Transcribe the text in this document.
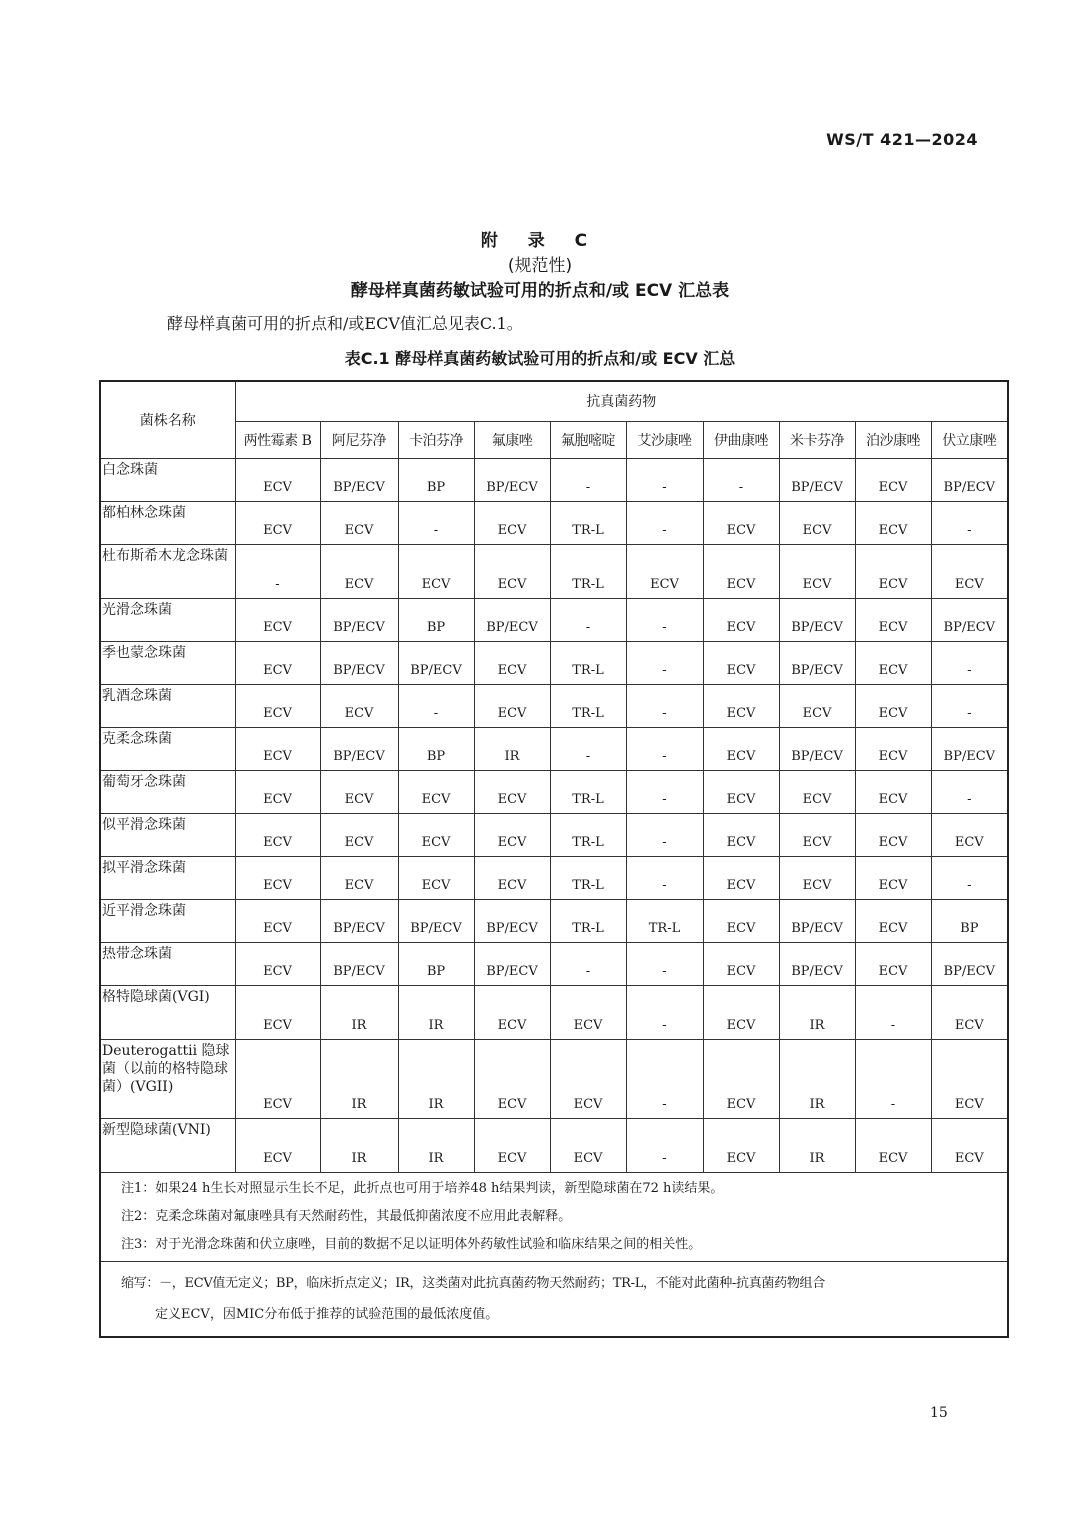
WS/T 421—2024
附 录 C
(规范性)
酵母样真菌药敏试验可用的折点和/或 ECV 汇总表
酵母样真菌可用的折点和/或ECV值汇总见表C.1。
表C.1 酵母样真菌药敏试验可用的折点和/或 ECV 汇总
菌株名称	抗真菌药物									
	两性霉素 B	阿尼芬净	卡泊芬净	氟康唑	氟胞嘧啶	艾沙康唑	伊曲康唑	米卡芬净	泊沙康唑	伏立康唑
白念珠菌	ECV	BP/ECV	BP	BP/ECV	-	-	-	BP/ECV	ECV	BP/ECV
都柏林念珠菌	ECV	ECV	-	ECV	TR-L	-	ECV	ECV	ECV	-
杜布斯希木龙念珠菌	-	ECV	ECV	ECV	TR-L	ECV	ECV	ECV	ECV	ECV
光滑念珠菌	ECV	BP/ECV	BP	BP/ECV	-	-	ECV	BP/ECV	ECV	BP/ECV
季也蒙念珠菌	ECV	BP/ECV	BP/ECV	ECV	TR-L	-	ECV	BP/ECV	ECV	-
乳酒念珠菌	ECV	ECV	-	ECV	TR-L	-	ECV	ECV	ECV	-
克柔念珠菌	ECV	BP/ECV	BP	IR	-	-	ECV	BP/ECV	ECV	BP/ECV
葡萄牙念珠菌	ECV	ECV	ECV	ECV	TR-L	-	ECV	ECV	ECV	-
似平滑念珠菌	ECV	ECV	ECV	ECV	TR-L	-	ECV	ECV	ECV	ECV
拟平滑念珠菌	ECV	ECV	ECV	ECV	TR-L	-	ECV	ECV	ECV	-
近平滑念珠菌	ECV	BP/ECV	BP/ECV	BP/ECV	TR-L	TR-L	ECV	BP/ECV	ECV	BP
热带念珠菌	ECV	BP/ECV	BP	BP/ECV	-	-	ECV	BP/ECV	ECV	BP/ECV
格特隐球菌(VGI)	ECV	IR	IR	ECV	ECV	-	ECV	IR	-	ECV
Deuterogattii 隐球菌（以前的格特隐球菌）(VGII)	ECV	IR	IR	ECV	ECV	-	ECV	IR	-	ECV
新型隐球菌(VNI)	ECV	IR	IR	ECV	ECV	-	ECV	IR	ECV	ECV

注1：如果24 h生长对照显示生长不足，此折点也可用于培养48 h结果判读，新型隐球菌在72 h读结果。
注2：克柔念珠菌对氟康唑具有天然耐药性，其最低抑菌浓度不应用此表解释。
注3：对于光滑念珠菌和伏立康唑，目前的数据不足以证明体外药敏性试验和临床结果之间的相关性。										

缩写：－，ECV值无定义；BP，临床折点定义；IR，这类菌对此抗真菌药物天然耐药；TR-L，不能对此菌种-抗真菌药物组合
定义ECV，因MIC分布低于推荐的试验范围的最低浓度值。										
15
